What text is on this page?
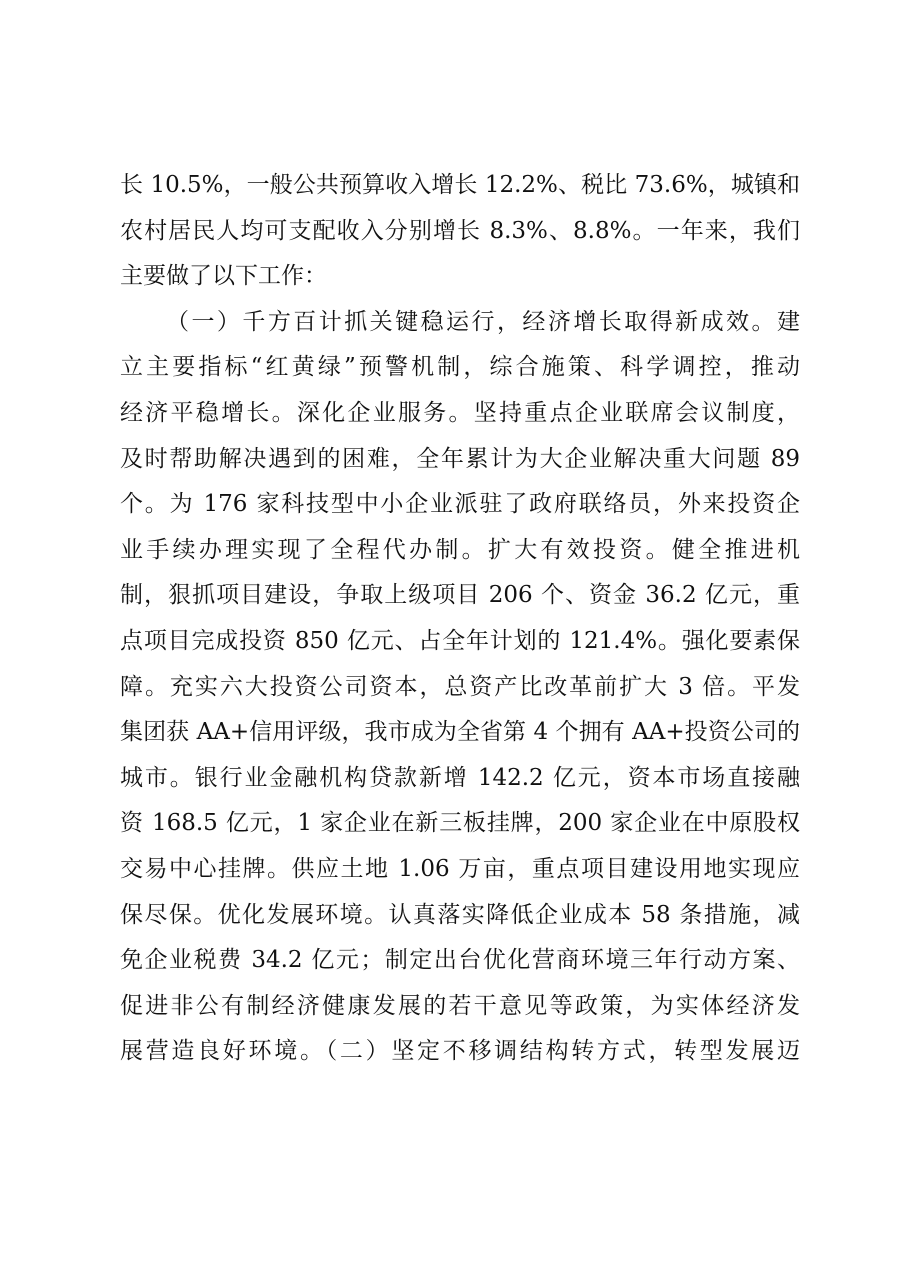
长 10.5%，一般公共预算收入增长 12.2%、税比 73.6%，城镇和
农村居民人均可支配收入分别增长 8.3%、8.8%。一年来，我们
主要做了以下工作：
（一）千方百计抓关键稳运行，经济增长取得新成效。建
立主要指标“红黄绿”预警机制，综合施策、科学调控，推动
经济平稳增长。深化企业服务。坚持重点企业联席会议制度，
及时帮助解决遇到的困难，全年累计为大企业解决重大问题 89
个。为 176 家科技型中小企业派驻了政府联络员，外来投资企
业手续办理实现了全程代办制。扩大有效投资。健全推进机
制，狠抓项目建设，争取上级项目 206 个、资金 36.2 亿元，重
点项目完成投资 850 亿元、占全年计划的 121.4%。强化要素保
障。充实六大投资公司资本，总资产比改革前扩大 3 倍。平发
集团获 AA+信用评级，我市成为全省第 4 个拥有 AA+投资公司的
城市。银行业金融机构贷款新增 142.2 亿元，资本市场直接融
资 168.5 亿元，1 家企业在新三板挂牌，200 家企业在中原股权
交易中心挂牌。供应土地 1.06 万亩，重点项目建设用地实现应
保尽保。优化发展环境。认真落实降低企业成本 58 条措施，减
免企业税费 34.2 亿元；制定出台优化营商环境三年行动方案、
促进非公有制经济健康发展的若干意见等政策，为实体经济发
展营造良好环境。（二）坚定不移调结构转方式，转型发展迈
